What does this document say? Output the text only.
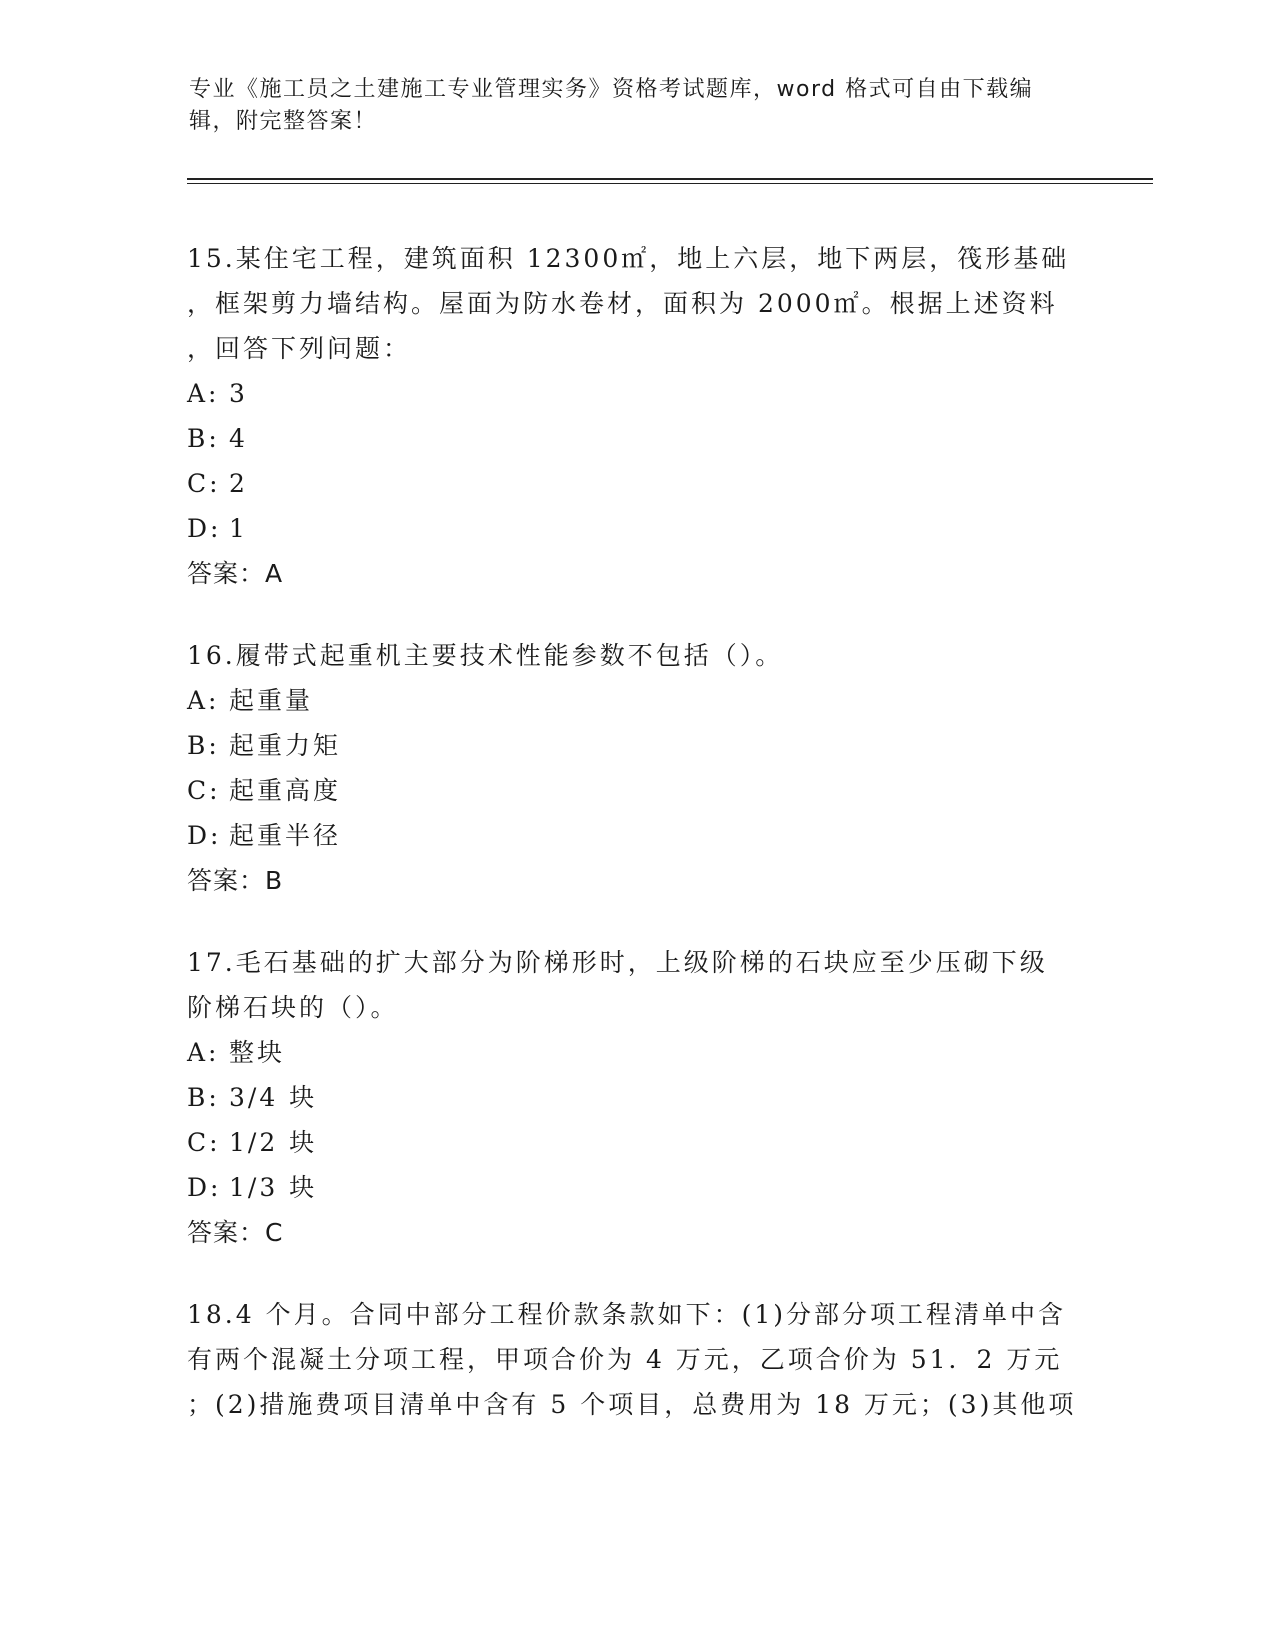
专业《施工员之土建施工专业管理实务》资格考试题库，word 格式可自由下载编
辑，附完整答案！
15.某住宅工程，建筑面积 12300㎡，地上六层，地下两层，筏形基础
，框架剪力墙结构。屋面为防水卷材，面积为 2000㎡。根据上述资料
，回答下列问题：
A: 3
B: 4
C: 2
D: 1
答案：A
16.履带式起重机主要技术性能参数不包括（）。
A: 起重量
B: 起重力矩
C: 起重高度
D: 起重半径
答案：B
17.毛石基础的扩大部分为阶梯形时，上级阶梯的石块应至少压砌下级
阶梯石块的（）。
A: 整块
B: 3/4 块
C: 1/2 块
D: 1/3 块
答案：C
18.4 个月。合同中部分工程价款条款如下：(1)分部分项工程清单中含
有两个混凝土分项工程，甲项合价为 4 万元，乙项合价为 51．2 万元
；(2)措施费项目清单中含有 5 个项目，总费用为 18 万元；(3)其他项
